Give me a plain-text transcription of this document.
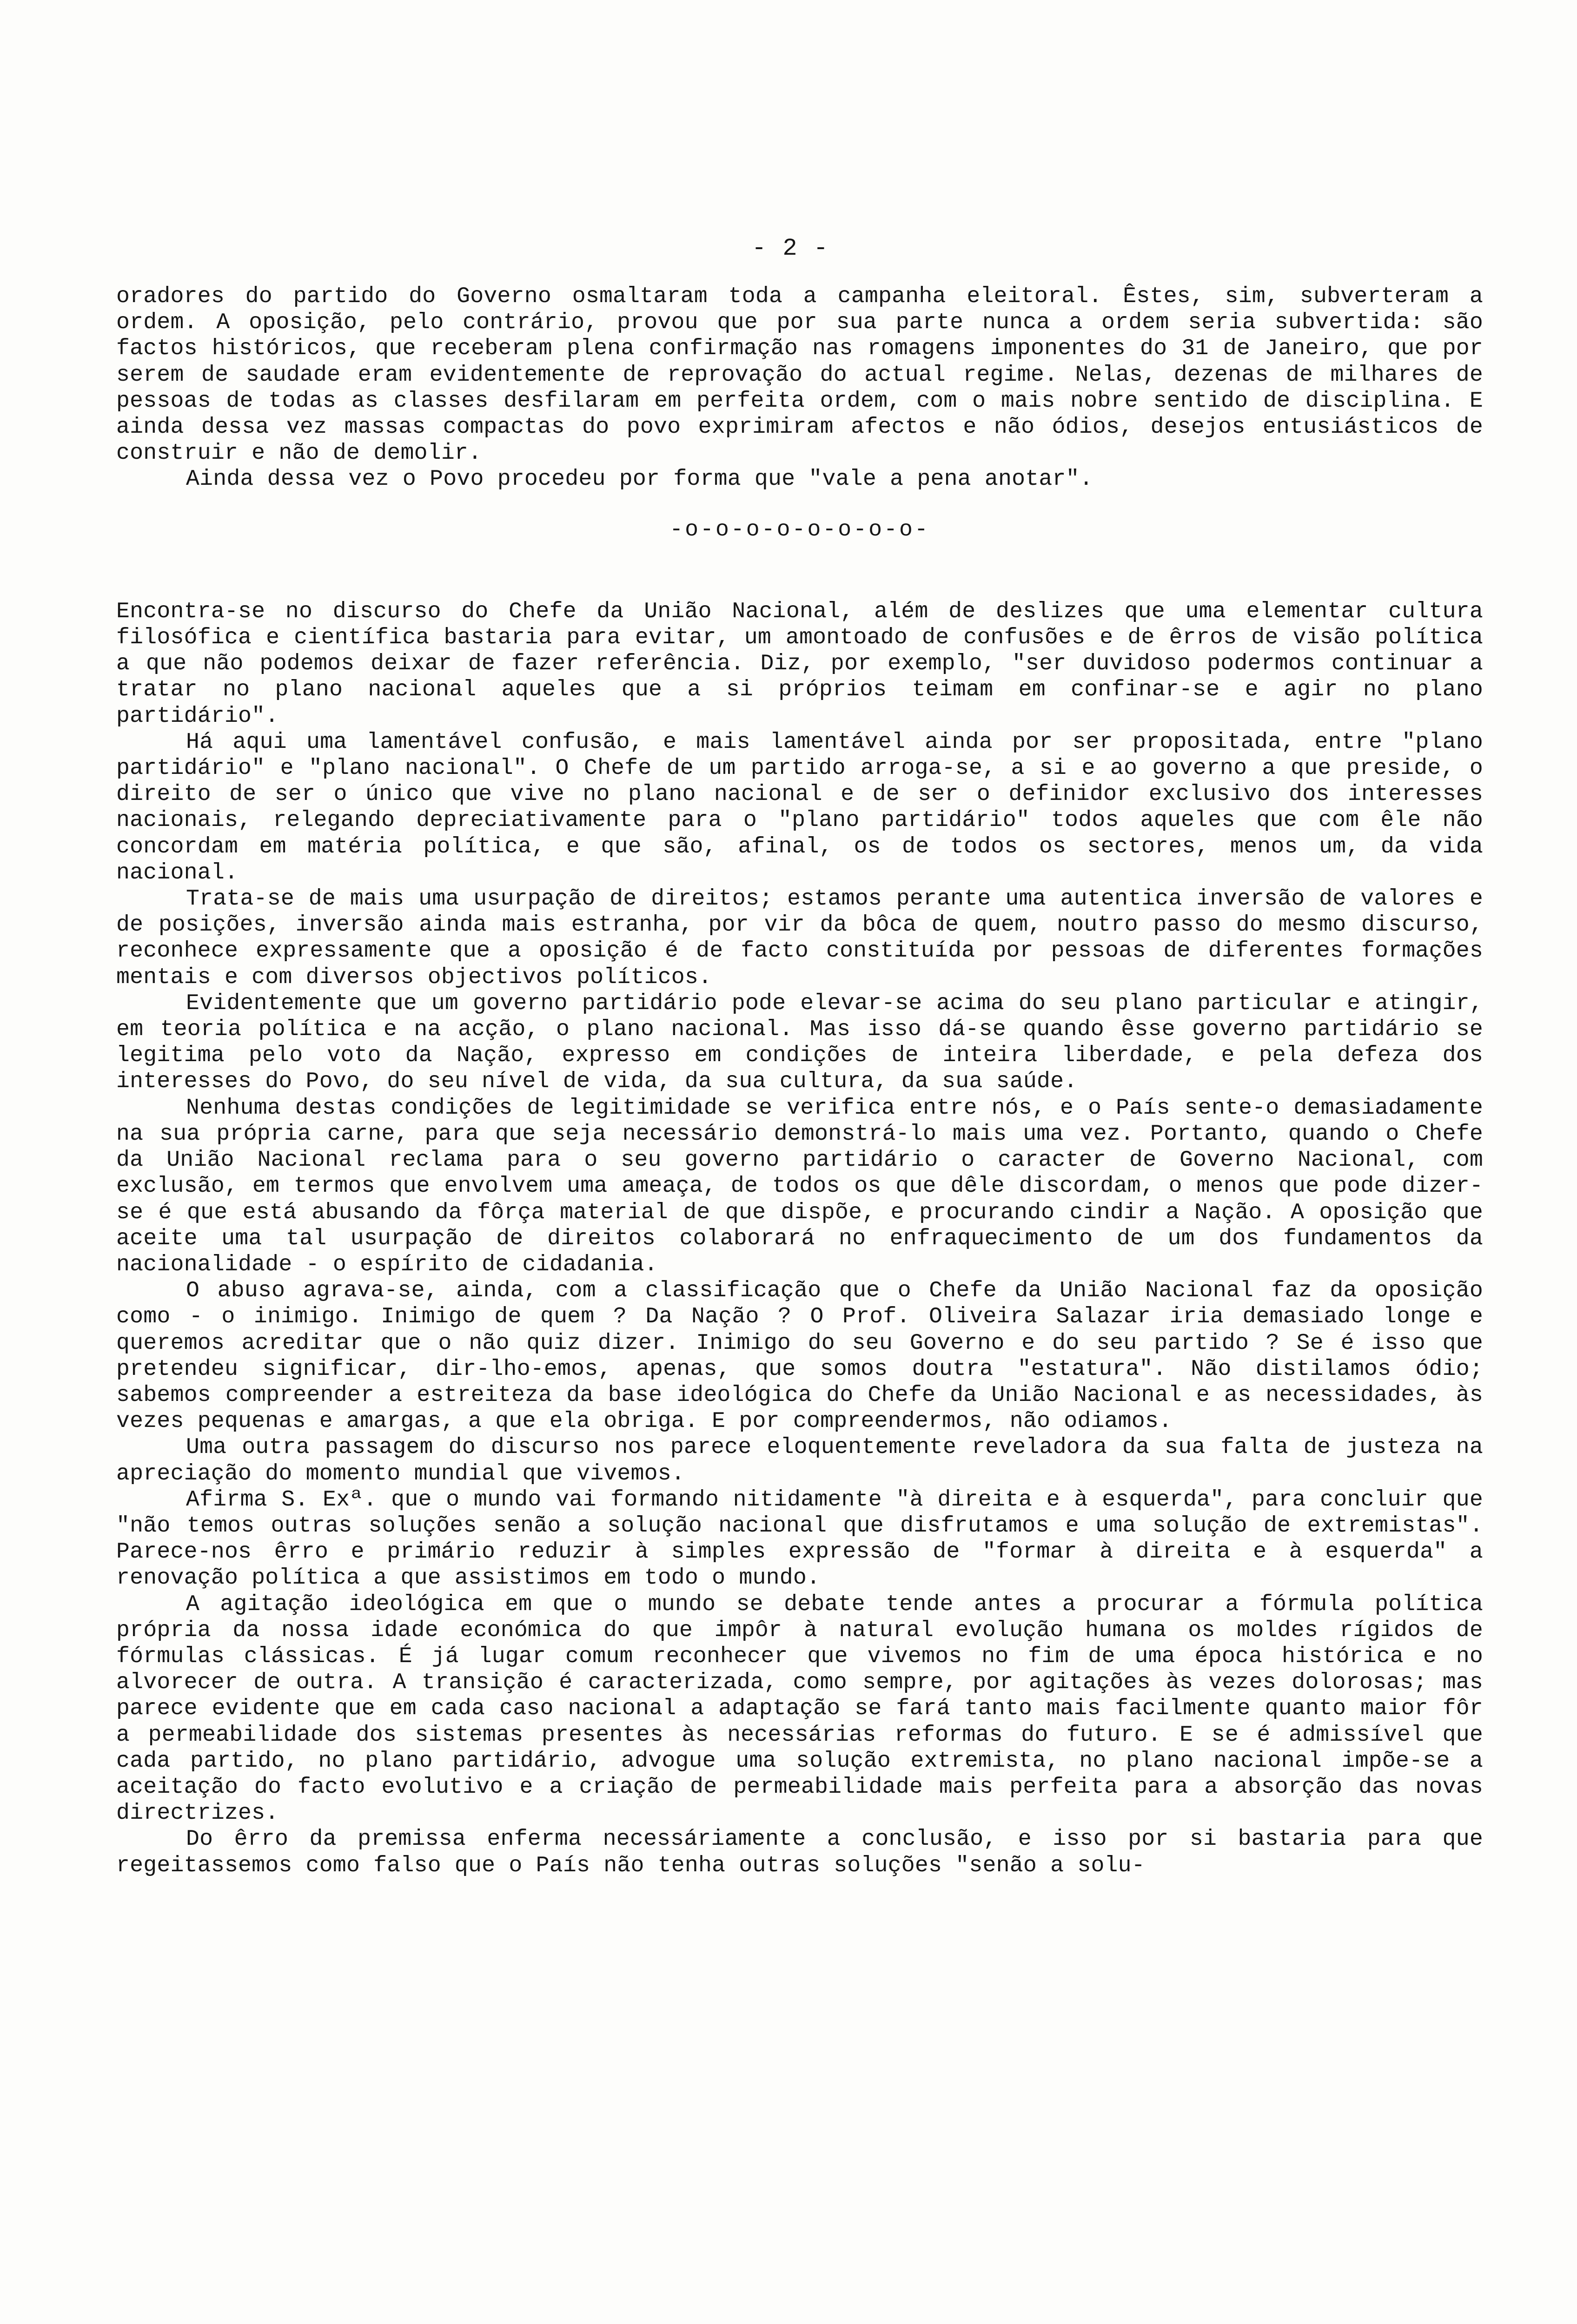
- 2 -

oradores do partido do Governo osmaltaram toda a campanha eleitoral. Êstes, sim, subverteram a ordem. A oposição, pelo contrário, provou que por sua parte nunca a ordem seria subvertida: são factos históricos, que receberam plena confirmação nas romagens imponentes do 31 de Janeiro, que por serem de saudade eram evidentemente de reprovação do actual regime. Nelas, dezenas de milhares de pessoas de todas as classes desfilaram em perfeita ordem, com o mais nobre sentido de disciplina. E ainda dessa vez massas compactas do povo exprimiram afectos e não ódios, desejos entusiásticos de construir e não de demolir.

Ainda dessa vez o Povo procedeu por forma que "vale a pena anotar".

-o-o-o-o-o-o-o-o-

Encontra-se no discurso do Chefe da União Nacional, além de deslizes que uma elementar cultura filosófica e científica bastaria para evitar, um amontoado de confusões e de êrros de visão política a que não podemos deixar de fazer referência. Diz, por exemplo, "ser duvidoso podermos continuar a tratar no plano nacional aqueles que a si próprios teimam em confinar-se e agir no plano partidário".

Há aqui uma lamentável confusão, e mais lamentável ainda por ser propositada, entre "plano partidário" e "plano nacional". O Chefe de um partido arroga-se, a si e ao governo a que preside, o direito de ser o único que vive no plano nacional e de ser o definidor exclusivo dos interesses nacionais, relegando depreciativamente para o "plano partidário" todos aqueles que com êle não concordam em matéria política, e que são, afinal, os de todos os sectores, menos um, da vida nacional.

Trata-se de mais uma usurpação de direitos; estamos perante uma autentica inversão de valores e de posições, inversão ainda mais estranha, por vir da bôca de quem, noutro passo do mesmo discurso, reconhece expressamente que a oposição é de facto constituída por pessoas de diferentes formações mentais e com diversos objectivos políticos.

Evidentemente que um governo partidário pode elevar-se acima do seu plano particular e atingir, em teoria política e na acção, o plano nacional. Mas isso dá-se quando êsse governo partidário se legitima pelo voto da Nação, expresso em condições de inteira liberdade, e pela defeza dos interesses do Povo, do seu nível de vida, da sua cultura, da sua saúde.

Nenhuma destas condições de legitimidade se verifica entre nós, e o País sente-o demasiadamente na sua própria carne, para que seja necessário demonstrá-lo mais uma vez. Portanto, quando o Chefe da União Nacional reclama para o seu governo partidário o caracter de Governo Nacional, com exclusão, em termos que envolvem uma ameaça, de todos os que dêle discordam, o menos que pode dizer-se é que está abusando da fôrça material de que dispõe, e procurando cindir a Nação. A oposição que aceite uma tal usurpação de direitos colaborará no enfraquecimento de um dos fundamentos da nacionalidade - o espírito de cidadania.

O abuso agrava-se, ainda, com a classificação que o Chefe da União Nacional faz da oposição como - o inimigo. Inimigo de quem ? Da Nação ? O Prof. Oliveira Salazar iria demasiado longe e queremos acreditar que o não quiz dizer. Inimigo do seu Governo e do seu partido ? Se é isso que pretendeu significar, dir-lho-emos, apenas, que somos doutra "estatura". Não distilamos ódio; sabemos compreender a estreiteza da base ideológica do Chefe da União Nacional e as necessidades, às vezes pequenas e amargas, a que ela obriga. E por compreendermos, não odiamos.

Uma outra passagem do discurso nos parece eloquentemente reveladora da sua falta de justeza na apreciação do momento mundial que vivemos.

Afirma S. Exª. que o mundo vai formando nitidamente "à direita e à esquerda", para concluir que "não temos outras soluções senão a solução nacional que disfrutamos e uma solução de extremistas". Parece-nos êrro e primário reduzir à simples expressão de "formar à direita e à esquerda" a renovação política a que assistimos em todo o mundo.

A agitação ideológica em que o mundo se debate tende antes a procurar a fórmula política própria da nossa idade económica do que impôr à natural evolução humana os moldes rígidos de fórmulas clássicas. É já lugar comum reconhecer que vivemos no fim de uma época histórica e no alvorecer de outra. A transição é caracterizada, como sempre, por agitações às vezes dolorosas; mas parece evidente que em cada caso nacional a adaptação se fará tanto mais facilmente quanto maior fôr a permeabilidade dos sistemas presentes às necessárias reformas do futuro. E se é admissível que cada partido, no plano partidário, advogue uma solução extremista, no plano nacional impõe-se a aceitação do facto evolutivo e a criação de permeabilidade mais perfeita para a absorção das novas directrizes.

Do êrro da premissa enferma necessáriamente a conclusão, e isso por si bastaria para que regeitassemos como falso que o País não tenha outras soluções "senão a solu-
